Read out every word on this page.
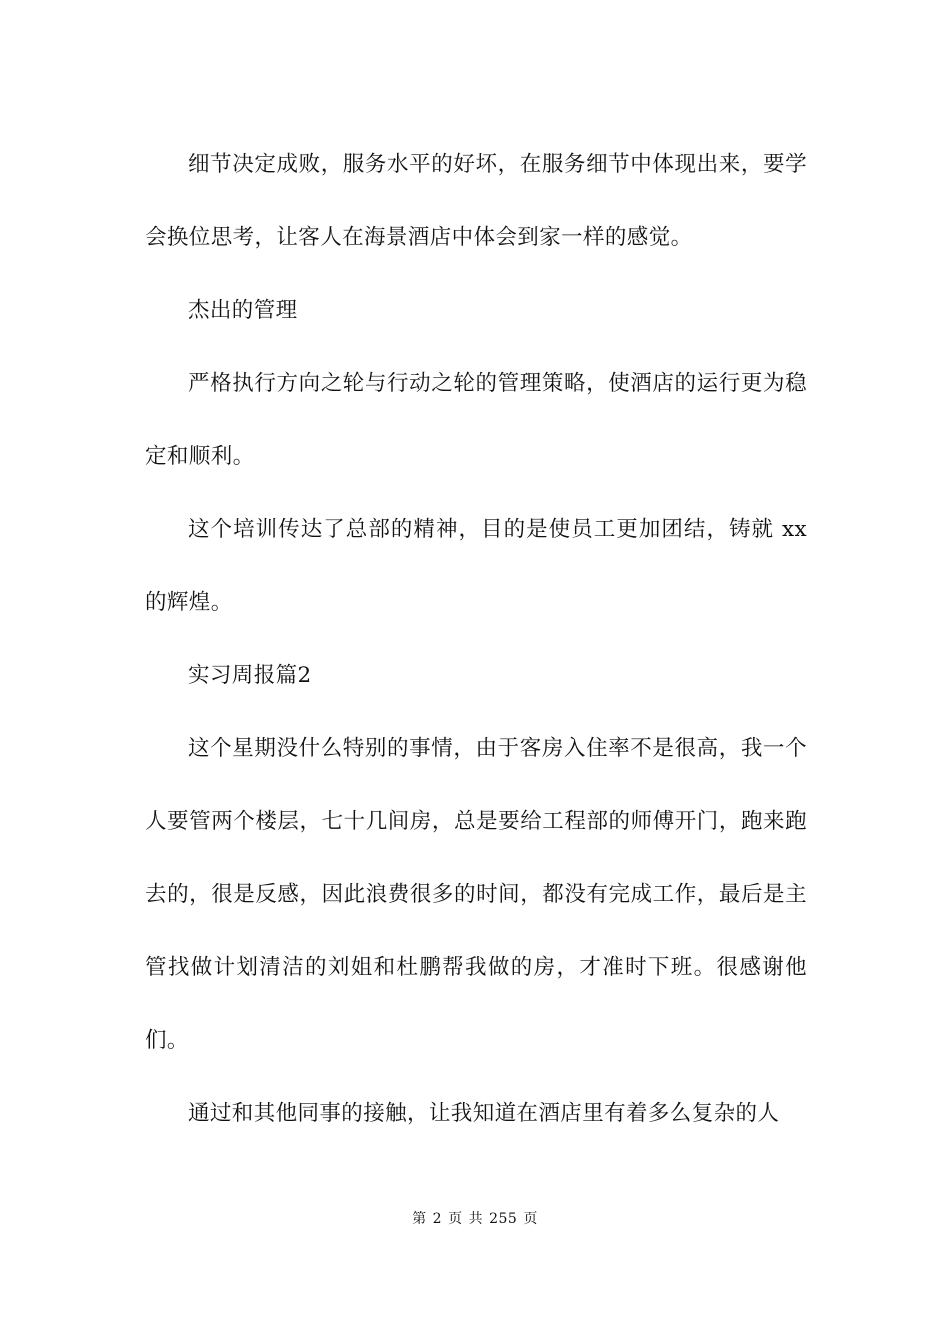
细节决定成败，服务水平的好坏，在服务细节中体现出来，要学会换位思考，让客人在海景酒店中体会到家一样的感觉。

杰出的管理

严格执行方向之轮与行动之轮的管理策略，使酒店的运行更为稳定和顺利。

这个培训传达了总部的精神，目的是使员工更加团结，铸就 xx 的辉煌。

实习周报篇2

这个星期没什么特别的事情，由于客房入住率不是很高，我一个人要管两个楼层，七十几间房，总是要给工程部的师傅开门，跑来跑去的，很是反感，因此浪费很多的时间，都没有完成工作，最后是主管找做计划清洁的刘姐和杜鹏帮我做的房，才准时下班。很感谢他们。

通过和其他同事的接触，让我知道在酒店里有着多么复杂的人

第 2 页 共 255 页
